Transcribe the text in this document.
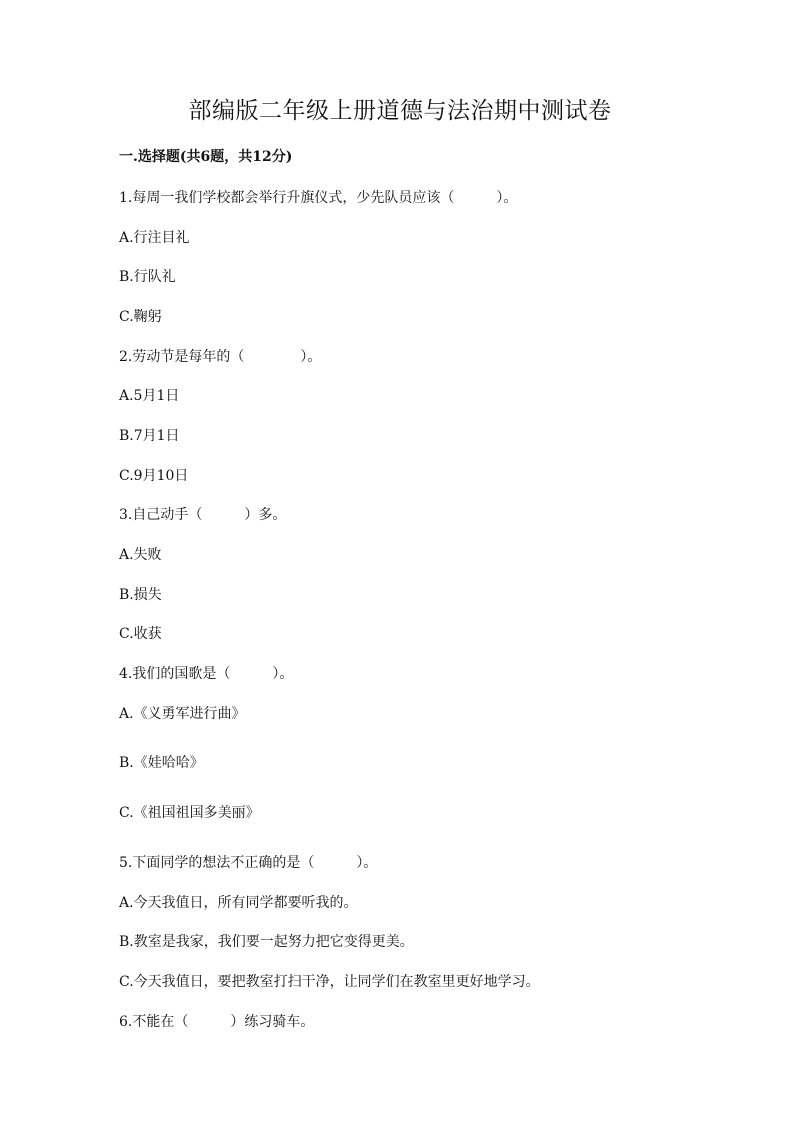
部编版二年级上册道德与法治期中测试卷
一.选择题(共6题，共12分)
1.每周一我们学校都会举行升旗仪式，少先队员应该（　　　）。
A.行注目礼
B.行队礼
C.鞠躬
2.劳动节是每年的（　　　　）。
A.5月1日
B.7月1日
C.9月10日
3.自己动手（　　　）多。
A.失败
B.损失
C.收获
4.我们的国歌是（　　　）。
A.《义勇军进行曲》
B.《娃哈哈》
C.《祖国祖国多美丽》
5.下面同学的想法不正确的是（　　　）。
A.今天我值日，所有同学都要听我的。
B.教室是我家，我们要一起努力把它变得更美。
C.今天我值日，要把教室打扫干净，让同学们在教室里更好地学习。
6.不能在（　　　）练习骑车。
